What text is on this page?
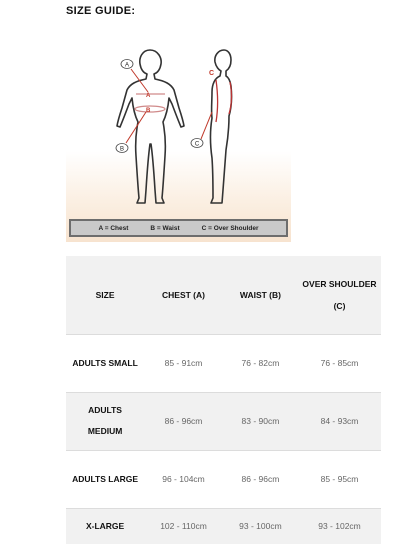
SIZE GUIDE:
A
B
C
C
B
A
A = Chest	B = Waist	C = Over Shoulder
SIZE	CHEST (A)	WAIST (B)	OVER SHOULDER (C)
ADULTS SMALL	85 - 91cm	76 - 82cm	76 - 85cm
ADULTS MEDIUM	86 - 96cm	83 - 90cm	84 - 93cm
ADULTS LARGE	96 - 104cm	86 - 96cm	85 - 95cm
X-LARGE	102 - 110cm	93 - 100cm	93 - 102cm
